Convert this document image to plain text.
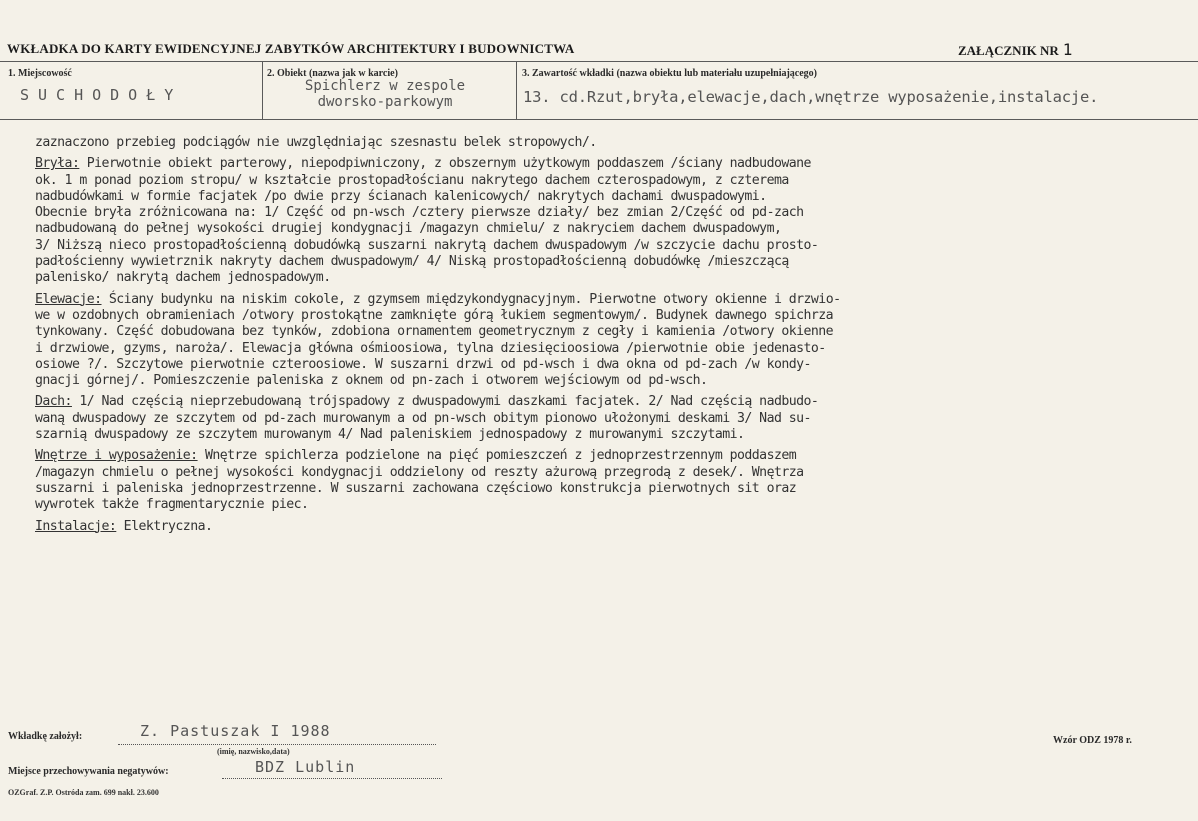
WKŁADKA DO KARTY EWIDENCYJNEJ ZABYTKÓW ARCHITEKTURY I BUDOWNICTWA	ZAŁĄCZNIK NR 1
1. Miejscowość
SUCHODOŁY
2. Obiekt (nazwa jak w karcie)
Spichlerz w zespole
dworsko-parkowym
3. Zawartość wkładki (nazwa obiektu lub materiału uzupełniającego)
13. cd.Rzut,bryła,elewacje,dach,wnętrze wyposażenie,instalacje.

zaznaczono przebieg podciągów nie uwzględniając szesnastu belek stropowych/.

Bryła: Pierwotnie obiekt parterowy, niepodpiwniczony, z obszernym użytkowym poddaszem /ściany nadbudowane
ok. 1 m ponad poziom stropu/ w kształcie prostopadłościanu nakrytego dachem czterospadowym, z czterema
nadbudówkami w formie facjatek /po dwie przy ścianach kalenicowych/ nakrytych dachami dwuspadowymi.
Obecnie bryła zróżnicowana na: 1/ Część od pn-wsch /cztery pierwsze działy/ bez zmian 2/Część od pd-zach
nadbudowaną do pełnej wysokości drugiej kondygnacji /magazyn chmielu/ z nakryciem dachem dwuspadowym,
3/ Niższą nieco prostopadłościenną dobudówką suszarni nakrytą dachem dwuspadowym /w szczycie dachu prosto-
padłościenny wywietrznik nakryty dachem dwuspadowym/ 4/ Niską prostopadłościenną dobudówkę /mieszczącą
palenisko/ nakrytą dachem jednospadowym.

Elewacje: Ściany budynku na niskim cokole, z gzymsem międzykondygnacyjnym. Pierwotne otwory okienne i drzwio-
we w ozdobnych obramieniach /otwory prostokątne zamknięte górą łukiem segmentowym/. Budynek dawnego spichrza
tynkowany. Część dobudowana bez tynków, zdobiona ornamentem geometrycznym z cegły i kamienia /otwory okienne
i drzwiowe, gzyms, naroża/. Elewacja główna ośmioosiowa, tylna dziesięcioosiowa /pierwotnie obie jedenasto-
osiowe ?/. Szczytowe pierwotnie czteroosiowe. W suszarni drzwi od pd-wsch i dwa okna od pd-zach /w kondy-
gnacji górnej/. Pomieszczenie paleniska z oknem od pn-zach i otworem wejściowym od pd-wsch.

Dach: 1/ Nad częścią nieprzebudowaną trójspadowy z dwuspadowymi daszkami facjatek. 2/ Nad częścią nadbudo-
waną dwuspadowy ze szczytem od pd-zach murowanym a od pn-wsch obitym pionowo ułożonymi deskami 3/ Nad su-
szarnią dwuspadowy ze szczytem murowanym 4/ Nad paleniskiem jednospadowy z murowanymi szczytami.

Wnętrze i wyposażenie: Wnętrze spichlerza podzielone na pięć pomieszczeń z jednoprzestrzennym poddaszem
/magazyn chmielu o pełnej wysokości kondygnacji oddzielony od reszty ażurową przegrodą z desek/. Wnętrza
suszarni i paleniska jednoprzestrzenne. W suszarni zachowana częściowo konstrukcja pierwotnych sit oraz
wywrotek także fragmentarycznie piec.

Instalacje: Elektryczna.

Wkładkę założył:	Z. Pastuszak I 1988
(imię, nazwisko,data)
Miejsce przechowywania negatywów:	BDZ Lublin
Wzór ODZ 1978 r.
OZGraf. Z.P. Ostróda zam. 699 nakł. 23.600
